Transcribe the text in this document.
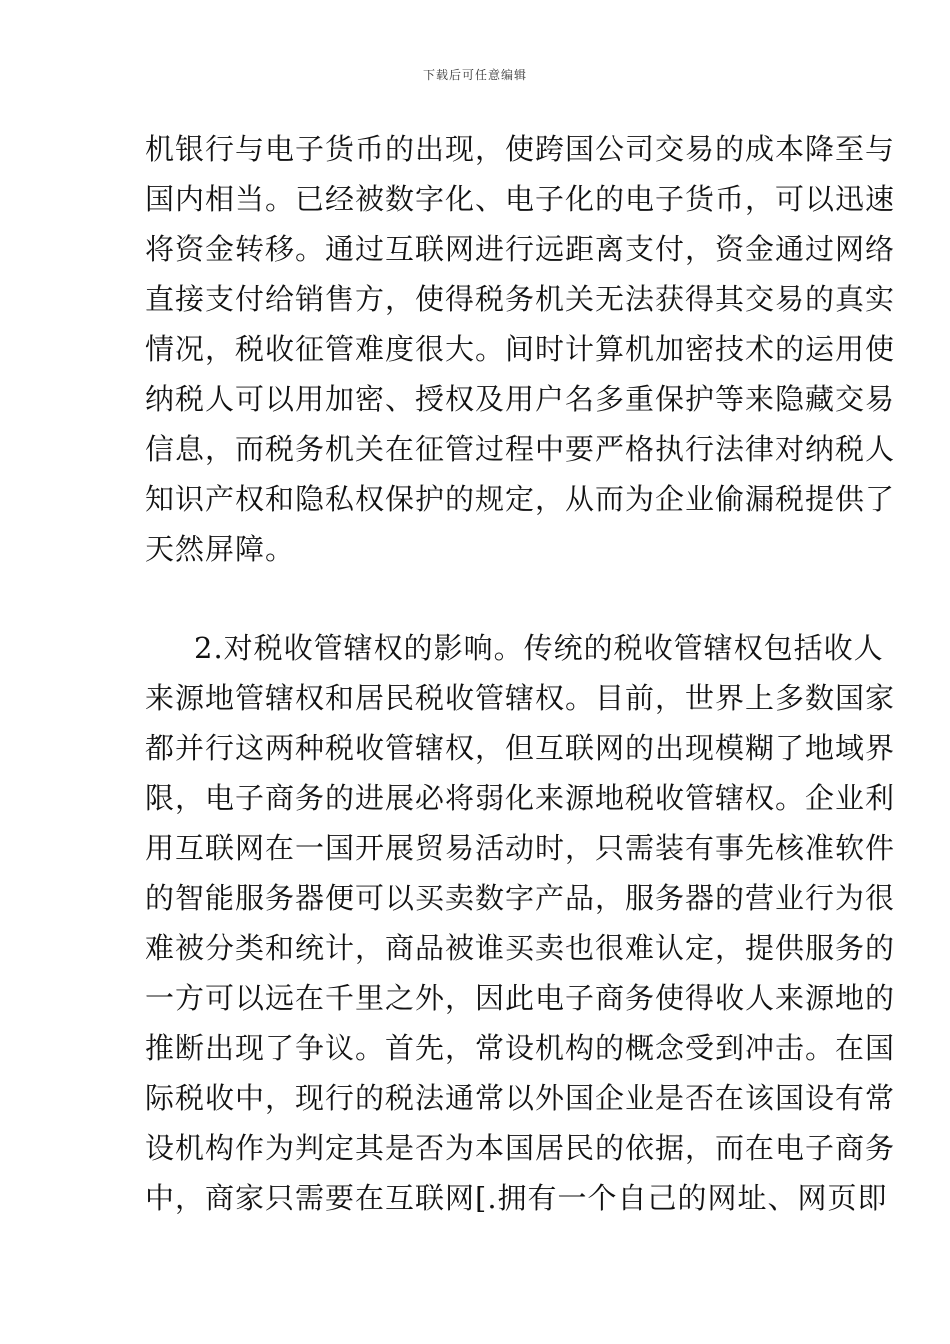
下载后可任意编辑
机银行与电子货币的出现，使跨国公司交易的成本降至与
国内相当。已经被数字化、电子化的电子货币，可以迅速
将资金转移。通过互联网进行远距离支付，资金通过网络
直接支付给销售方，使得税务机关无法获得其交易的真实
情况，税收征管难度很大。间时计算机加密技术的运用使
纳税人可以用加密、授权及用户名多重保护等来隐藏交易
信息，而税务机关在征管过程中要严格执行法律对纳税人
知识产权和隐私权保护的规定，从而为企业偷漏税提供了
天然屏障。
2.对税收管辖权的影响。传统的税收管辖权包括收人
来源地管辖权和居民税收管辖权。目前，世界上多数国家
都并行这两种税收管辖权，但互联网的出现模糊了地域界
限，电子商务的进展必将弱化来源地税收管辖权。企业利
用互联网在一国开展贸易活动时，只需装有事先核准软件
的智能服务器便可以买卖数字产品，服务器的营业行为很
难被分类和统计，商品被谁买卖也很难认定，提供服务的
一方可以远在千里之外，因此电子商务使得收人来源地的
推断出现了争议。首先，常设机构的概念受到冲击。在国
际税收中，现行的税法通常以外国企业是否在该国设有常
设机构作为判定其是否为本国居民的依据，而在电子商务
中，商家只需要在互联网[.拥有一个自己的网址、网页即
